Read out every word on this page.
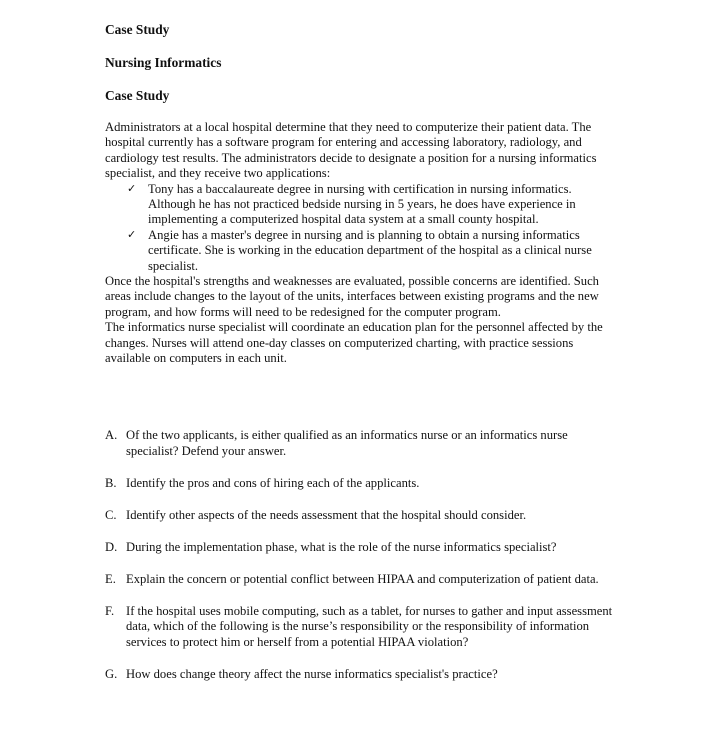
Case Study

Nursing Informatics

Case Study

Administrators at a local hospital determine that they need to computerize their patient data. The hospital currently has a software program for entering and accessing laboratory, radiology, and cardiology test results. The administrators decide to designate a position for a nursing informatics specialist, and they receive two applications:

✓ Tony has a baccalaureate degree in nursing with certification in nursing informatics. Although he has not practiced bedside nursing in 5 years, he does have experience in implementing a computerized hospital data system at a small county hospital.
✓ Angie has a master's degree in nursing and is planning to obtain a nursing informatics certificate. She is working in the education department of the hospital as a clinical nurse specialist.

Once the hospital's strengths and weaknesses are evaluated, possible concerns are identified. Such areas include changes to the layout of the units, interfaces between existing programs and the new program, and how forms will need to be redesigned for the computer program.

The informatics nurse specialist will coordinate an education plan for the personnel affected by the changes. Nurses will attend one-day classes on computerized charting, with practice sessions available on computers in each unit.

A. Of the two applicants, is either qualified as an informatics nurse or an informatics nurse specialist? Defend your answer.
B. Identify the pros and cons of hiring each of the applicants.
C. Identify other aspects of the needs assessment that the hospital should consider.
D. During the implementation phase, what is the role of the nurse informatics specialist?
E. Explain the concern or potential conflict between HIPAA and computerization of patient data.
F. If the hospital uses mobile computing, such as a tablet, for nurses to gather and input assessment data, which of the following is the nurse’s responsibility or the responsibility of information services to protect him or herself from a potential HIPAA violation?
G. How does change theory affect the nurse informatics specialist's practice?
